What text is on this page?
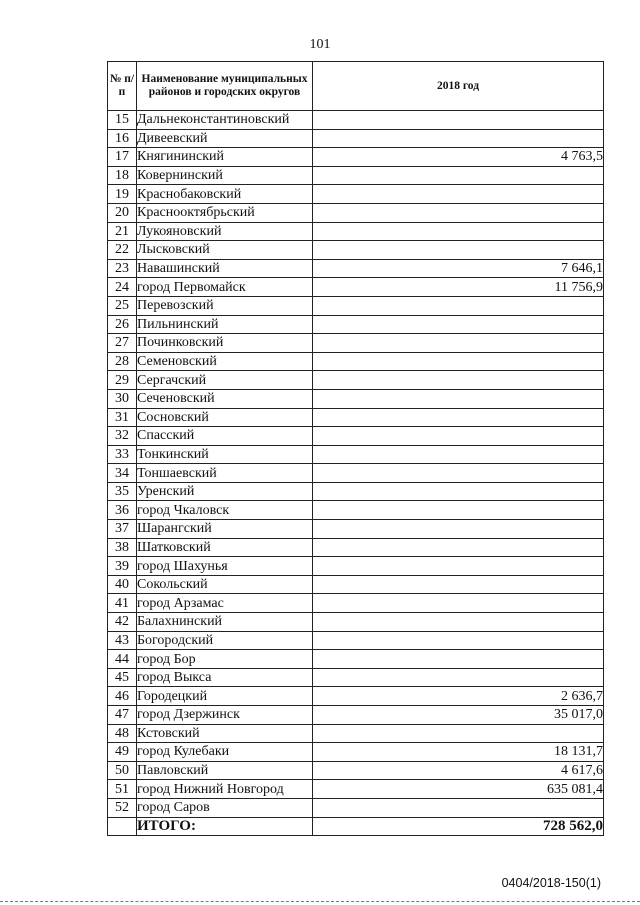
101
№ п/п	Наименование муниципальных районов и городских округов	2018 год
15	Дальнеконстантиновский	
16	Дивеевский	
17	Княгининский	4 763,5
18	Ковернинский	
19	Краснобаковский	
20	Краснооктябрьский	
21	Лукояновский	
22	Лысковский	
23	Навашинский	7 646,1
24	город Первомайск	11 756,9
25	Перевозский	
26	Пильнинский	
27	Починковский	
28	Семеновский	
29	Сергачский	
30	Сеченовский	
31	Сосновский	
32	Спасский	
33	Тонкинский	
34	Тоншаевский	
35	Уренский	
36	город Чкаловск	
37	Шарангский	
38	Шатковский	
39	город Шахунья	
40	Сокольский	
41	город Арзамас	
42	Балахнинский	
43	Богородский	
44	город Бор	
45	город Выкса	
46	Городецкий	2 636,7
47	город Дзержинск	35 017,0
48	Кстовский	
49	город Кулебаки	18 131,7
50	Павловский	4 617,6
51	город Нижний Новгород	635 081,4
52	город Саров	
	ИТОГО:	728 562,0
0404/2018-150(1)
